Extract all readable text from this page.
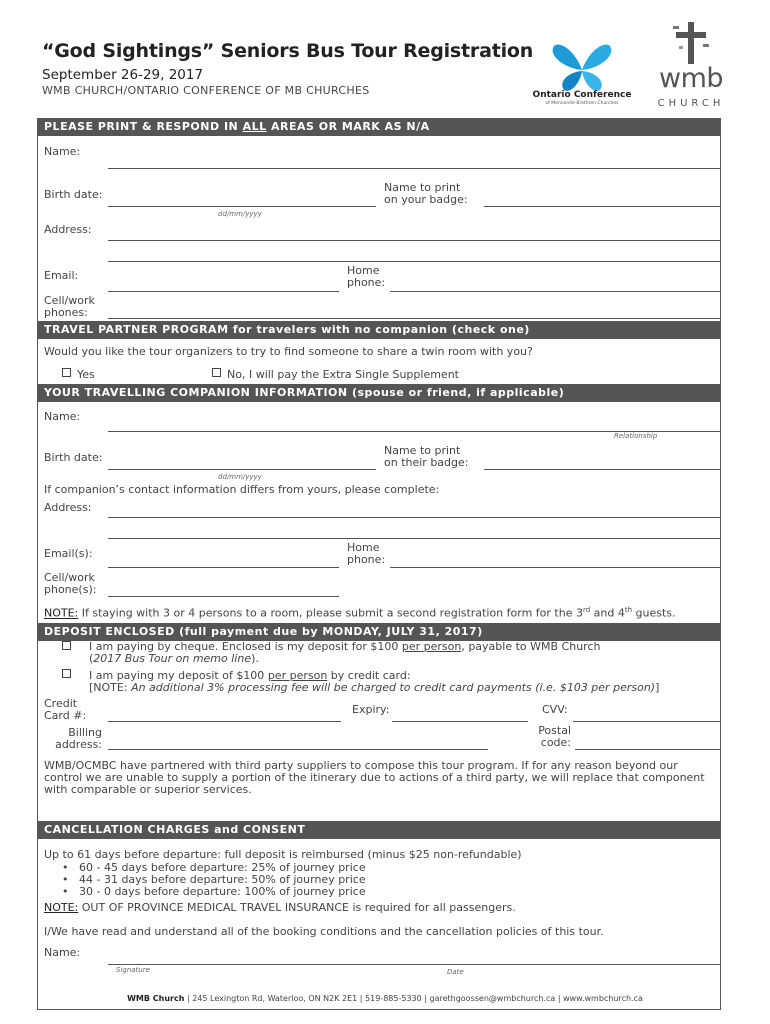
“God Sightings” Seniors Bus Tour Registration
September 26-29, 2017
WMB CHURCH/ONTARIO CONFERENCE OF MB CHURCHES	Ontario Conference
of Mennonite Brethren Churches
wmb
CHURCH
PLEASE PRINT & RESPOND IN ALL AREAS OR MARK AS N/A
Name:
Birth date:
dd/mm/yyyy
Name to print
on your badge:
Address:
Email:	Home
phone:
Cell/work
phones:
TRAVEL PARTNER PROGRAM for travelers with no companion (check one)
Would you like the tour organizers to try to find someone to share a twin room with you?
Yes	No, I will pay the Extra Single Supplement
YOUR TRAVELLING COMPANION INFORMATION (spouse or friend, if applicable)
Name:
Relationship
Birth date:
dd/mm/yyyy
Name to print
on their badge:
If companion’s contact information differs from yours, please complete:
Address:
Email(s):	Home
phone:
Cell/work
phone(s):
NOTE: If staying with 3 or 4 persons to a room, please submit a second registration form for the 3rd and 4th guests.
DEPOSIT ENCLOSED (full payment due by MONDAY, JULY 31, 2017)
I am paying by cheque. Enclosed is my deposit for $100 per person, payable to WMB Church
(2017 Bus Tour on memo line).
I am paying my deposit of $100 per person by credit card:
[NOTE: An additional 3% processing fee will be charged to credit card payments (i.e. $103 per person)]
Credit
Card #:	Expiry:	CVV:
Billing
address:
Postal
code:
WMB/OCMBC have partnered with third party suppliers to compose this tour program. If for any reason beyond our control we are unable to supply a portion of the itinerary due to actions of a third party, we will replace that component with comparable or superior services.
CANCELLATION CHARGES and CONSENT
Up to 61 days before departure: full deposit is reimbursed (minus $25 non-refundable)
•   60 - 45 days before departure: 25% of journey price
•   44 - 31 days before departure: 50% of journey price
•   30 - 0 days before departure: 100% of journey price
NOTE: OUT OF PROVINCE MEDICAL TRAVEL INSURANCE is required for all passengers.
I/We have read and understand all of the booking conditions and the cancellation policies of this tour.
Name:
Signature	Date
WMB Church | 245 Lexington Rd, Waterloo, ON N2K 2E1 | 519-885-5330 | garethgoossen@wmbchurch.ca | www.wmbchurch.ca
